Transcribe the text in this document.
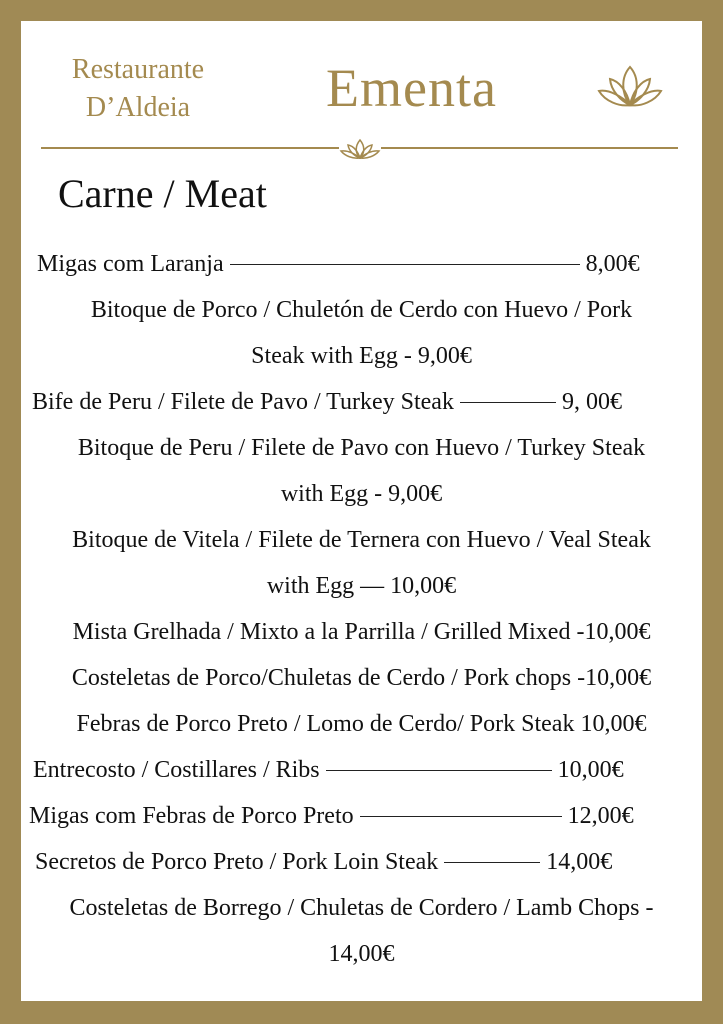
Restaurante
D’Aldeia	Ementa
Carne / Meat
Migas com Laranja	8,00€
Bitoque de Porco / Chuletón de Cerdo con Huevo / Pork
Steak with Egg - 9,00€
Bife de Peru / Filete de Pavo / Turkey Steak	9, 00€
Bitoque de Peru / Filete de Pavo con Huevo / Turkey Steak
with Egg - 9,00€
Bitoque de Vitela / Filete de Ternera con Huevo / Veal Steak
with Egg — 10,00€
Mista Grelhada / Mixto a la Parrilla / Grilled Mixed -10,00€
Costeletas de Porco/Chuletas de Cerdo / Pork chops -10,00€
Febras de Porco Preto / Lomo de Cerdo/ Pork Steak 10,00€
Entrecosto / Costillares / Ribs	10,00€
Migas com Febras de Porco Preto	12,00€
Secretos de Porco Preto / Pork Loin Steak	14,00€
Costeletas de Borrego / Chuletas de Cordero / Lamb Chops -
14,00€
